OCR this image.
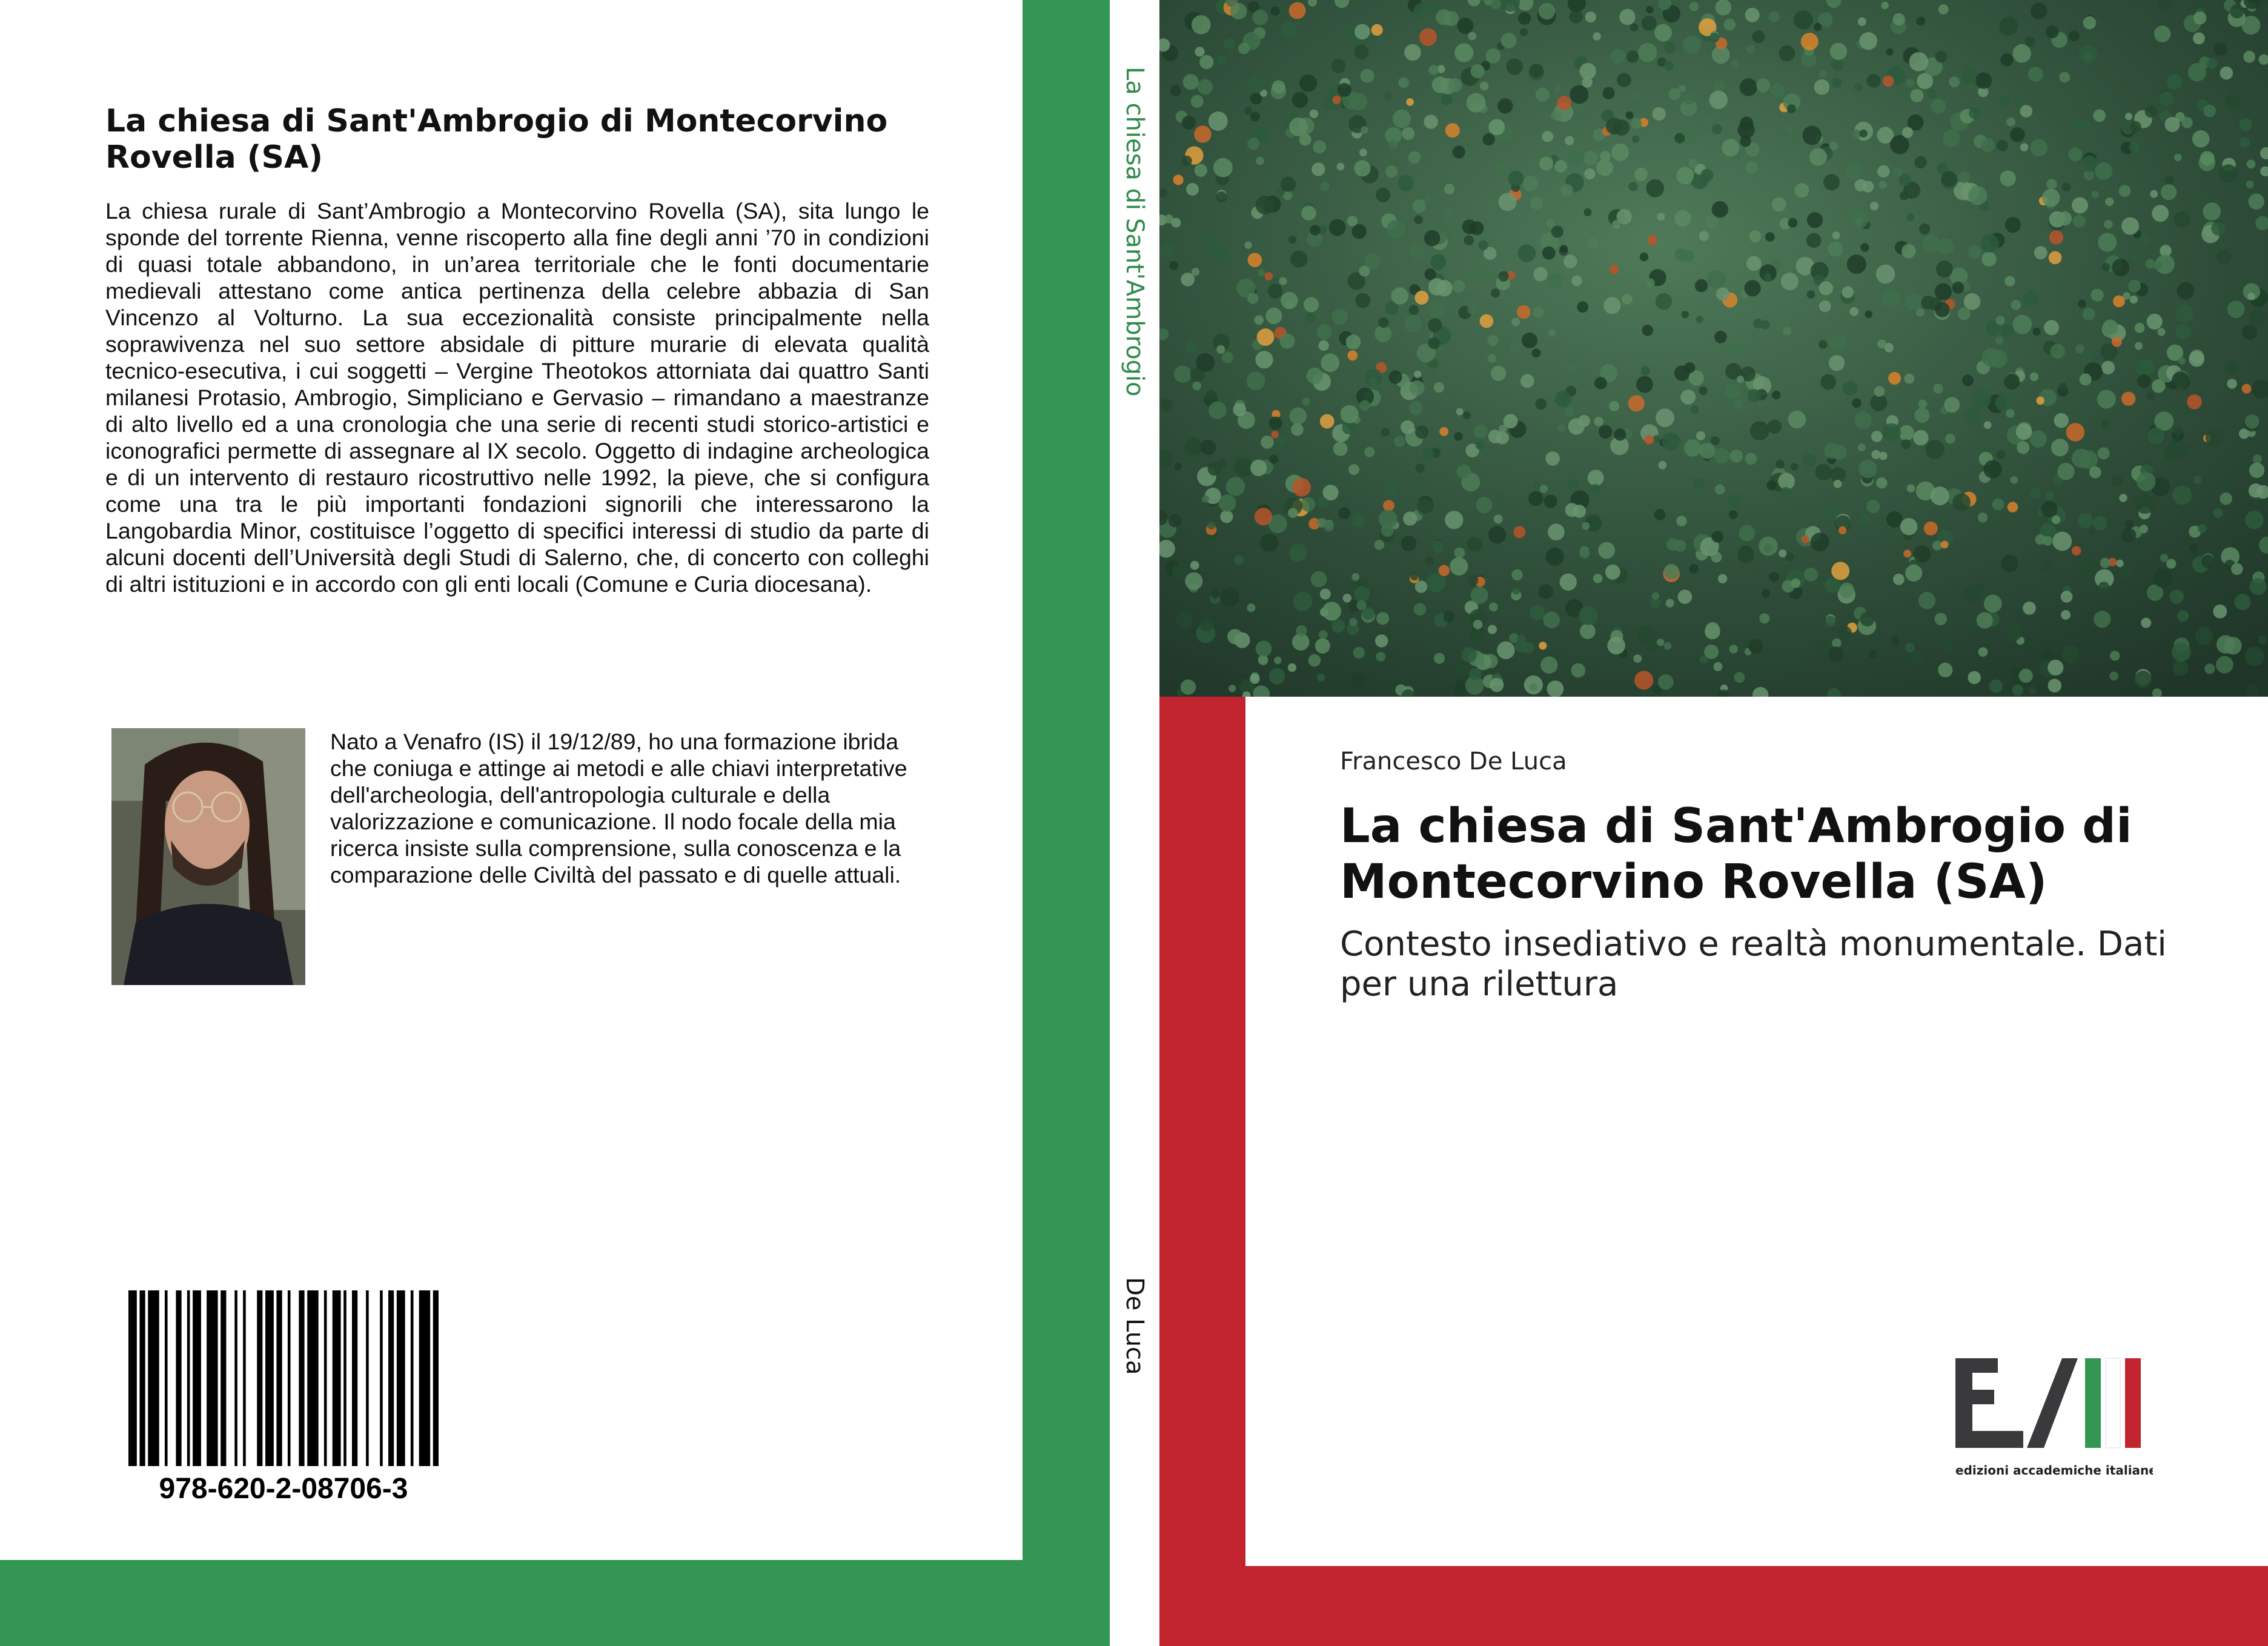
La chiesa di Sant'Ambrogio di Montecorvino Rovella (SA)

La chiesa rurale di Sant’Ambrogio a Montecorvino Rovella (SA), sita lungo le sponde del torrente Rienna, venne riscoperto alla fine degli anni ’70 in condizioni di quasi totale abbandono, in un’area territoriale che le fonti documentarie medievali attestano come antica pertinenza della celebre abbazia di San Vincenzo al Volturno. La sua eccezionalità consiste principalmente nella soprawivenza nel suo settore absidale di pitture murarie di elevata qualità tecnico-esecutiva, i cui soggetti – Vergine Theotokos attorniata dai quattro Santi milanesi Protasio, Ambrogio, Simpliciano e Gervasio – rimandano a maestranze di alto livello ed a una cronologia che una serie di recenti studi storico-artistici e iconografici permette di assegnare al IX secolo. Oggetto di indagine archeologica e di un intervento di restauro ricostruttivo nelle 1992, la pieve, che si configura come una tra le più importanti fondazioni signorili che interessarono la Langobardia Minor, costituisce l’oggetto di specifici interessi di studio da parte di alcuni docenti dell’Università degli Studi di Salerno, che, di concerto con colleghi di altri istituzioni e in accordo con gli enti locali (Comune e Curia diocesana).

Nato a Venafro (IS) il 19/12/89, ho una formazione ibrida che coniuga e attinge ai metodi e alle chiavi interpretative dell'archeologia, dell'antropologia culturale e della valorizzazione e comunicazione. Il nodo focale della mia ricerca insiste sulla comprensione, sulla conoscenza e la comparazione delle Civiltà del passato e di quelle attuali.

978-620-2-08706-3

La chiesa di Sant'Ambrogio
De Luca

Francesco De Luca

La chiesa di Sant'Ambrogio di Montecorvino Rovella (SA)

Contesto insediativo e realtà monumentale. Dati per una rilettura

edizioni accademiche italiane
